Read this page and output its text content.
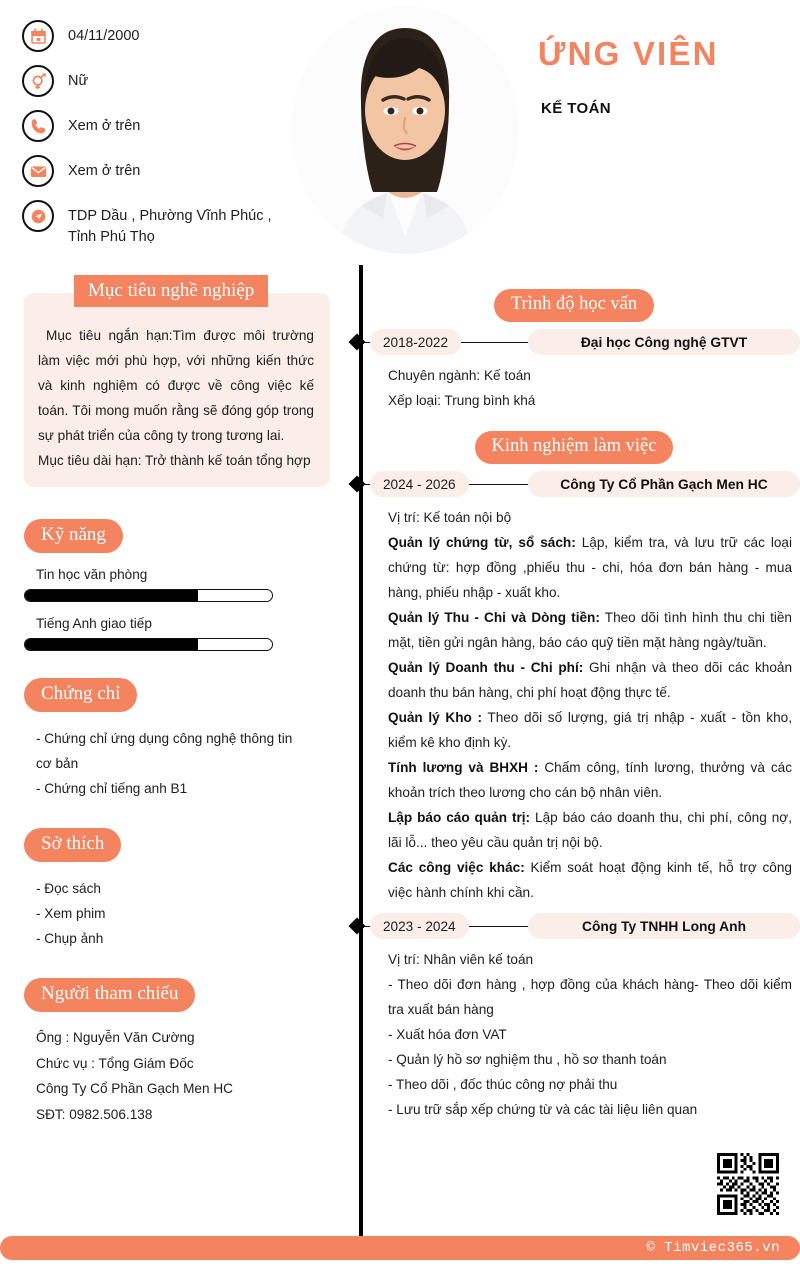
04/11/2000
Nữ
Xem ở trên
Xem ở trên
TDP Dầu , Phường Vĩnh Phúc , Tỉnh Phú Thọ
ỨNG VIÊN
KẾ TOÁN
Mục tiêu nghề nghiệp
Mục tiêu ngắn hạn:Tìm được môi trường làm việc mới phù hợp, với những kiến thức và kinh nghiệm có được về công việc kế toán. Tôi mong muốn rằng sẽ đóng góp trong sự phát triển của công ty trong tương lai.
Mục tiêu dài hạn: Trở thành kế toán tổng hợp
Kỹ năng
Tin học văn phòng
Tiếng Anh giao tiếp
Chứng chỉ
- Chứng chỉ ứng dụng công nghệ thông tin cơ bản
- Chứng chỉ tiếng anh B1
Sở thích
- Đọc sách
- Xem phim
- Chụp ảnh
Người tham chiếu
Ông : Nguyễn Văn Cường
Chức vụ : Tổng Giám Đốc
Công Ty Cổ Phần Gạch Men HC
SĐT: 0982.506.138
Trình độ học vấn
2018-2022	Đại học Công nghệ GTVT
Chuyên ngành: Kế toán
Xếp loại: Trung bình khá
Kinh nghiệm làm việc
2024 - 2026	Công Ty Cổ Phần Gạch Men HC
Vị trí: Kế toán nội bộ
Quản lý chứng từ, sổ sách: Lập, kiểm tra, và lưu trữ các loại chứng từ: hợp đồng ,phiếu thu - chi, hóa đơn bán hàng - mua hàng, phiếu nhập - xuất kho.
Quản lý Thu - Chi và Dòng tiền: Theo dõi tình hình thu chi tiền mặt, tiền gửi ngân hàng, báo cáo quỹ tiền mặt hàng ngày/tuần.
Quản lý Doanh thu - Chi phí: Ghi nhận và theo dõi các khoản doanh thu bán hàng, chi phí hoạt động thực tế.
Quản lý Kho : Theo dõi số lượng, giá trị nhập - xuất - tồn kho, kiểm kê kho định kỳ.
Tính lương và BHXH : Chấm công, tính lương, thưởng và các khoản trích theo lương cho cán bộ nhân viên.
Lập báo cáo quản trị: Lập báo cáo doanh thu, chi phí, công nợ, lãi lỗ... theo yêu cầu quản trị nội bộ.
Các công việc khác: Kiểm soát hoạt động kinh tế, hỗ trợ công việc hành chính khi cần.
2023 - 2024	Công Ty TNHH Long Anh
Vị trí: Nhân viên kế toán
- Theo dõi đơn hàng , hợp đồng của khách hàng- Theo dõi kiểm tra xuất bán hàng
- Xuất hóa đơn VAT
- Quản lý hồ sơ nghiệm thu , hồ sơ thanh toán
- Theo dõi , đốc thúc công nợ phải thu
- Lưu trữ sắp xếp chứng từ và các tài liệu liên quan
© Timviec365.vn
